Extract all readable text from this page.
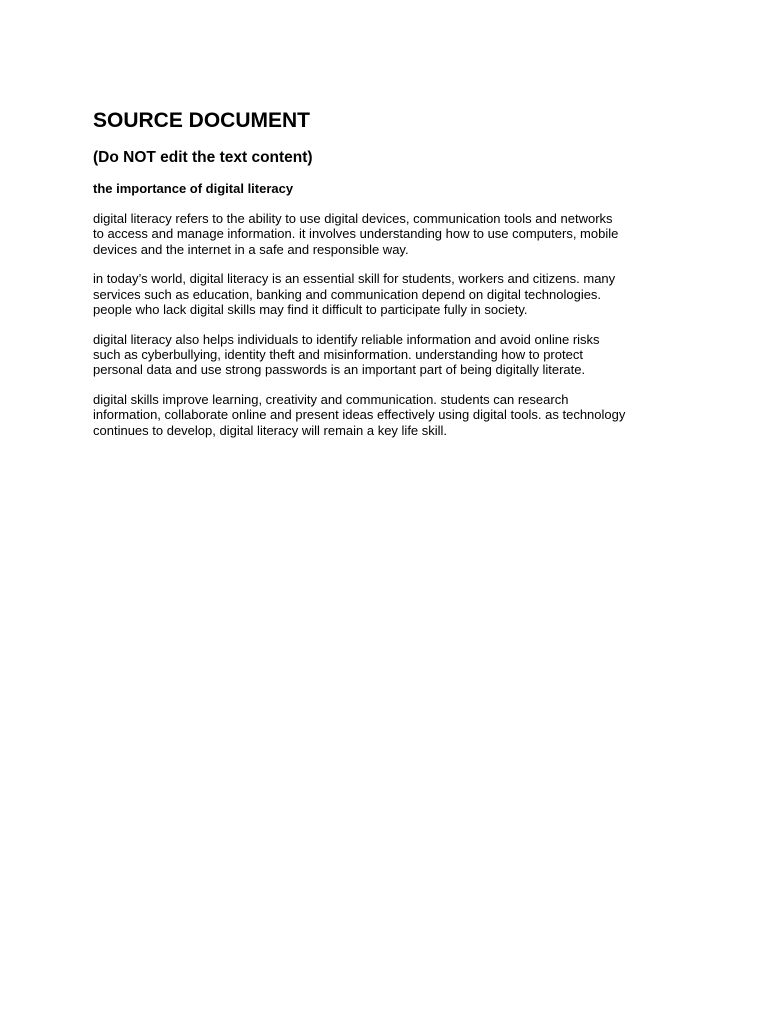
SOURCE DOCUMENT
(Do NOT edit the text content)
the importance of digital literacy

digital literacy refers to the ability to use digital devices, communication tools and networks
to access and manage information. it involves understanding how to use computers, mobile
devices and the internet in a safe and responsible way.

in today’s world, digital literacy is an essential skill for students, workers and citizens. many
services such as education, banking and communication depend on digital technologies.
people who lack digital skills may find it difficult to participate fully in society.

digital literacy also helps individuals to identify reliable information and avoid online risks
such as cyberbullying, identity theft and misinformation. understanding how to protect
personal data and use strong passwords is an important part of being digitally literate.

digital skills improve learning, creativity and communication. students can research
information, collaborate online and present ideas effectively using digital tools. as technology
continues to develop, digital literacy will remain a key life skill.
